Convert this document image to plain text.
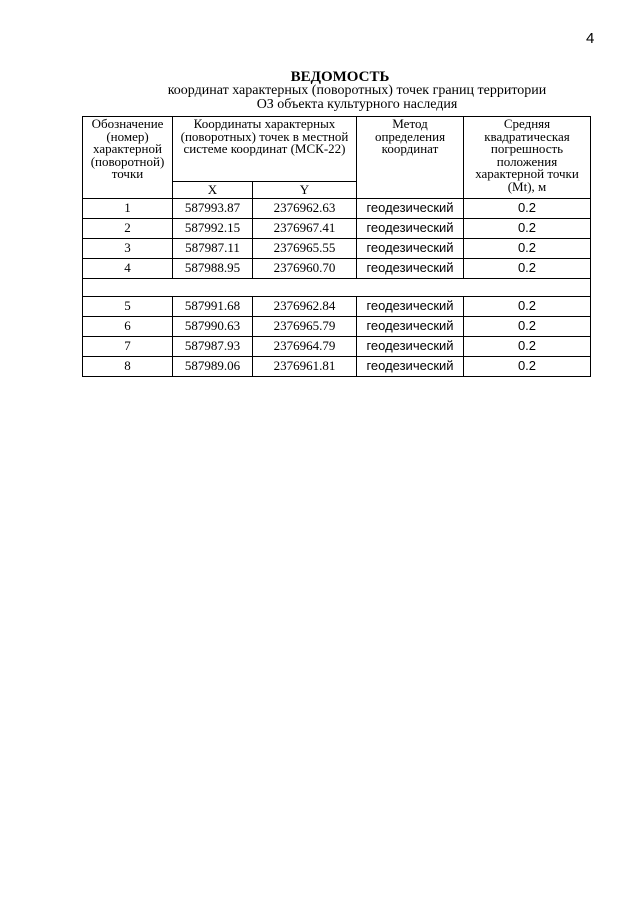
4
ВЕДОМОСТЬ
координат характерных (поворотных) точек границ территории
ОЗ объекта культурного наследия
Обозначение (номер) характерной (поворотной) точки	Координаты характерных (поворотных) точек в местной системе координат (МСК-22)		Метод определения координат	Средняя квадратическая погрешность положения характерной точки (Mt), м

	X	Y		
1	587993.87	2376962.63	геодезический	0.2
2	587992.15	2376967.41	геодезический	0.2
3	587987.11	2376965.55	геодезический	0.2
4	587988.95	2376960.70	геодезический	0.2

5	587991.68	2376962.84	геодезический	0.2
6	587990.63	2376965.79	геодезический	0.2
7	587987.93	2376964.79	геодезический	0.2
8	587989.06	2376961.81	геодезический	0.2
